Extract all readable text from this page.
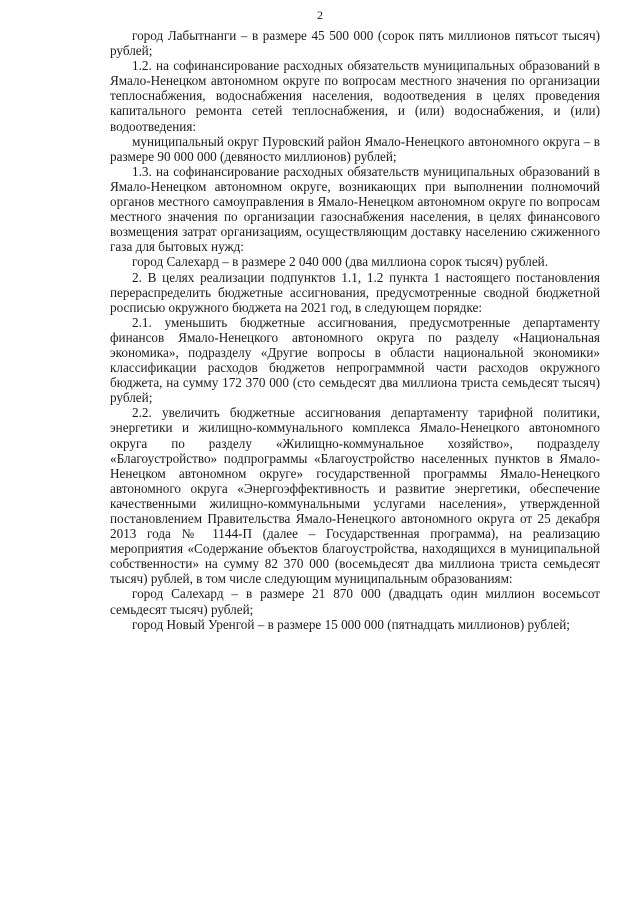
2

город Лабытнанги – в размере 45 500 000 (сорок пять миллионов пятьсот тысяч) рублей;

1.2. на софинансирование расходных обязательств муниципальных образований в Ямало-Ненецком автономном округе по вопросам местного значения по организации теплоснабжения, водоснабжения населения, водоотведения в целях проведения капитального ремонта сетей теплоснабжения, и (или) водоснабжения, и (или) водоотведения:

муниципальный округ Пуровский район Ямало-Ненецкого автономного округа – в размере 90 000 000 (девяносто миллионов) рублей;

1.3. на софинансирование расходных обязательств муниципальных образований в Ямало-Ненецком автономном округе, возникающих при выполнении полномочий органов местного самоуправления в Ямало-Ненецком автономном округе по вопросам местного значения по организации газоснабжения населения, в целях финансового возмещения затрат организациям, осуществляющим доставку населению сжиженного газа для бытовых нужд:

город Салехард – в размере 2 040 000 (два миллиона сорок тысяч) рублей.

2. В целях реализации подпунктов 1.1, 1.2 пункта 1 настоящего постановления перераспределить бюджетные ассигнования, предусмотренные сводной бюджетной росписью окружного бюджета на 2021 год, в следующем порядке:

2.1. уменьшить бюджетные ассигнования, предусмотренные департаменту финансов Ямало-Ненецкого автономного округа по разделу «Национальная экономика», подразделу «Другие вопросы в области национальной экономики» классификации расходов бюджетов непрограммной части расходов окружного бюджета, на сумму 172 370 000 (сто семьдесят два миллиона триста семьдесят тысяч) рублей;

2.2. увеличить бюджетные ассигнования департаменту тарифной политики, энергетики и жилищно-коммунального комплекса Ямало-Ненецкого автономного округа по разделу «Жилищно-коммунальное хозяйство», подразделу «Благоустройство» подпрограммы «Благоустройство населенных пунктов в Ямало-Ненецком автономном округе» государственной программы Ямало-Ненецкого автономного округа «Энергоэффективность и развитие энергетики, обеспечение качественными жилищно-коммунальными услугами населения», утвержденной постановлением Правительства Ямало-Ненецкого автономного округа от 25 декабря 2013 года № 1144-П (далее – Государственная программа), на реализацию мероприятия «Содержание объектов благоустройства, находящихся в муниципальной собственности» на сумму 82 370 000 (восемьдесят два миллиона триста семьдесят тысяч) рублей, в том числе следующим муниципальным образованиям:

город Салехард – в размере 21 870 000 (двадцать один миллион восемьсот семьдесят тысяч) рублей;

город Новый Уренгой – в размере 15 000 000 (пятнадцать миллионов) рублей;
